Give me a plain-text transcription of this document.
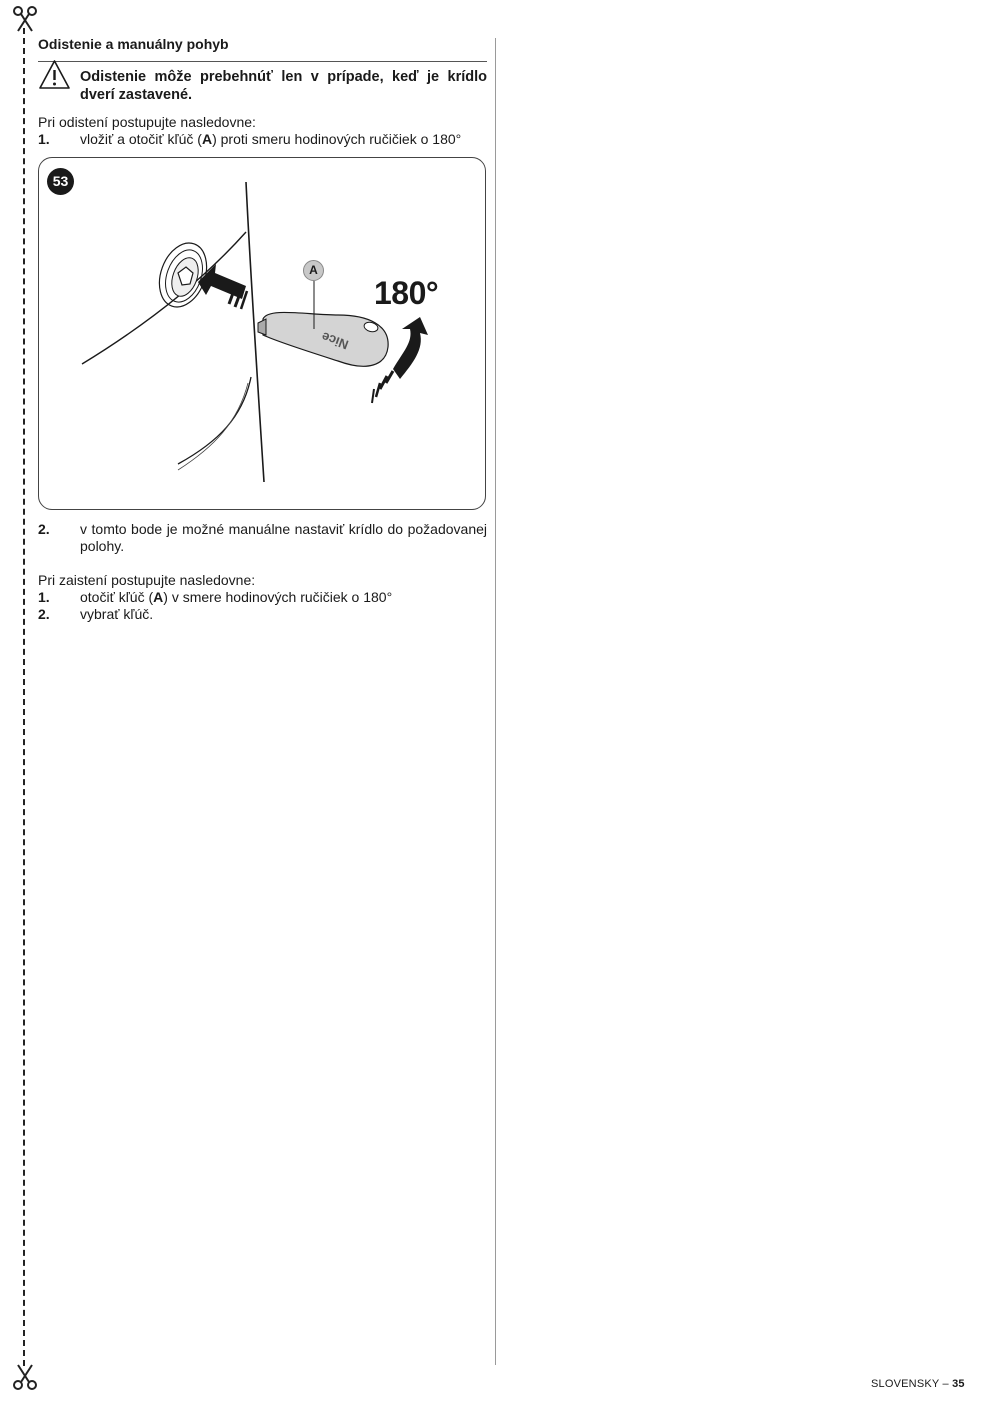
Odistenie a manuálny pohyb
Odistenie môže prebehnúť len v prípade, keď je krídlo dverí zastavené.
Pri odistení postupujte nasledovne:
1. vložiť a otočiť kľúč (A) proti smeru hodinových ručičiek o 180°
Nice
53
A
180°
2. v tomto bode je možné manuálne nastaviť krídlo do požadovanej polohy.
Pri zaistení postupujte nasledovne:
1. otočiť kľúč (A) v smere hodinových ručičiek o 180°
2. vybrať kľúč.
SLOVENSKY – 35
